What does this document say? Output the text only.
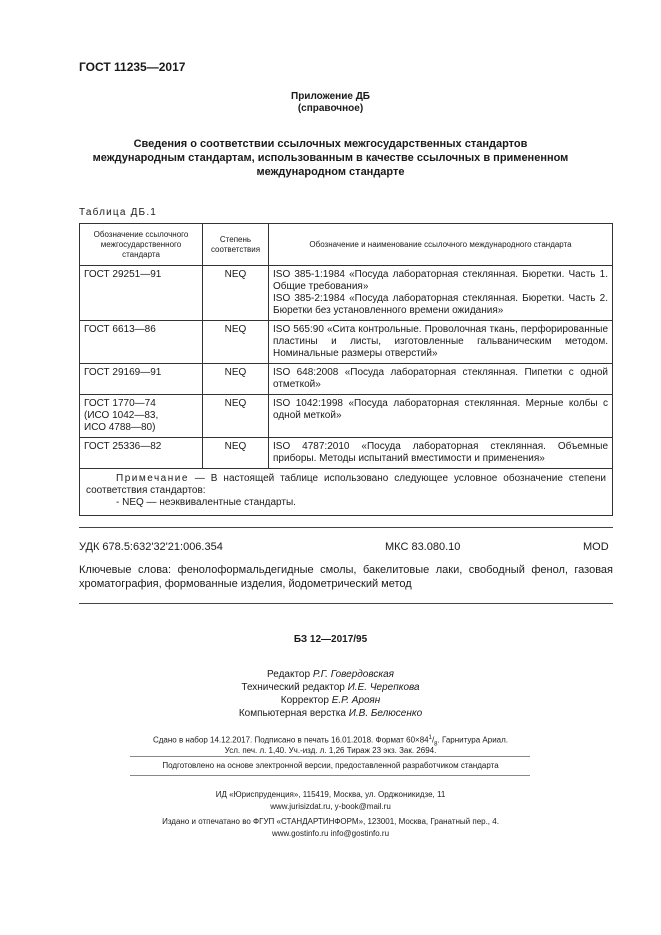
ГОСТ 11235—2017
Приложение ДБ
(справочное)
Сведения о соответствии ссылочных межгосударственных стандартов
международным стандартам, использованным в качестве ссылочных в примененном
международном стандарте
Таблица ДБ.1
Обозначение ссылочного межгосударственного стандарта	Степень соответствия	Обозначение и наименование ссылочного международного стандарта
ГОСТ 29251—91	NEQ	ISO 385-1:1984 «Посуда лабораторная стеклянная. Бюретки. Часть 1. Общие требования»
ISO 385-2:1984 «Посуда лабораторная стеклянная. Бюретки. Часть 2. Бюретки без установленного времени ожидания»

ГОСТ 6613—86	NEQ	ISO 565:90 «Сита контрольные. Проволочная ткань, перфорированные пластины и листы, изготовленные гальваническим методом. Номинальные размеры отверстий»
ГОСТ 29169—91	NEQ	ISO 648:2008 «Посуда лабораторная стеклянная. Пипетки с одной отметкой»

ГОСТ 1770—74
(ИСО 1042—83,
ИСО 4788—80)	NEQ	ISO 1042:1998 «Посуда лабораторная стеклянная. Мерные колбы с одной меткой»
ГОСТ 25336—82	NEQ	ISO 4787:2010 «Посуда лабораторная стеклянная. Объемные приборы. Методы испытаний вместимости и применения»

Примечание — В настоящей таблице использовано следующее условное обозначение степени соответствия стандартов:
- NEQ — неэквивалентные стандарты.		
УДК 678.5:632'32'21:006.354	МКС 83.080.10	MOD
Ключевые слова: фенолоформальдегидные смолы, бакелитовые лаки, свободный фенол, газовая хроматография, формованные изделия, йодометрический метод
БЗ 12—2017/95
Редактор Р.Г. Говердовская
Технический редактор И.Е. Черепкова
Корректор Е.Р. Ароян
Компьютерная верстка И.В. Белюсенко
Сдано в набор 14.12.2017. Подписано в печать 16.01.2018. Формат $60\times 84^1/_8$. Гарнитура Ариал.
Усл. печ. л. 1,40. Уч.-изд. л. 1,26 Тираж 23 экз. Зак. 2694.
Подготовлено на основе электронной версии, предоставленной разработчиком стандарта
ИД «Юриспруденция», 115419, Москва, ул. Орджоникидзе, 11
www.jurisizdat.ru, y-book@mail.ru
Издано и отпечатано во ФГУП «СТАНДАРТИНФОРМ», 123001, Москва, Гранатный пер., 4.
www.gostinfo.ru info@gostinfo.ru
